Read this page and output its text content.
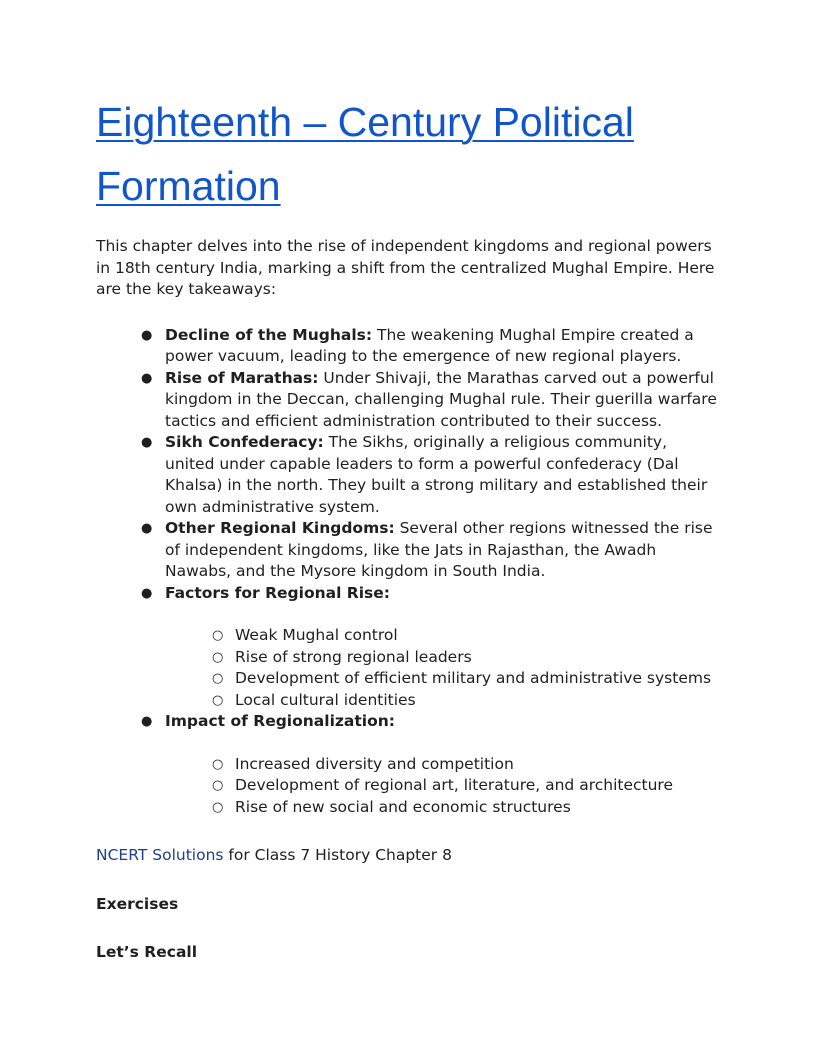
Eighteenth – Century Political
Formation

This chapter delves into the rise of independent kingdoms and regional powers in 18th century India, marking a shift from the centralized Mughal Empire. Here are the key takeaways:

● Decline of the Mughals: The weakening Mughal Empire created a power vacuum, leading to the emergence of new regional players.
● Rise of Marathas: Under Shivaji, the Marathas carved out a powerful kingdom in the Deccan, challenging Mughal rule. Their guerilla warfare tactics and efficient administration contributed to their success.
● Sikh Confederacy: The Sikhs, originally a religious community, united under capable leaders to form a powerful confederacy (Dal Khalsa) in the north. They built a strong military and established their own administrative system.
● Other Regional Kingdoms: Several other regions witnessed the rise of independent kingdoms, like the Jats in Rajasthan, the Awadh Nawabs, and the Mysore kingdom in South India.
● Factors for Regional Rise:
○ Weak Mughal control
○ Rise of strong regional leaders
○ Development of efficient military and administrative systems
○ Local cultural identities
● Impact of Regionalization:
○ Increased diversity and competition
○ Development of regional art, literature, and architecture
○ Rise of new social and economic structures

NCERT Solutions for Class 7 History Chapter 8

Exercises

Let’s Recall
